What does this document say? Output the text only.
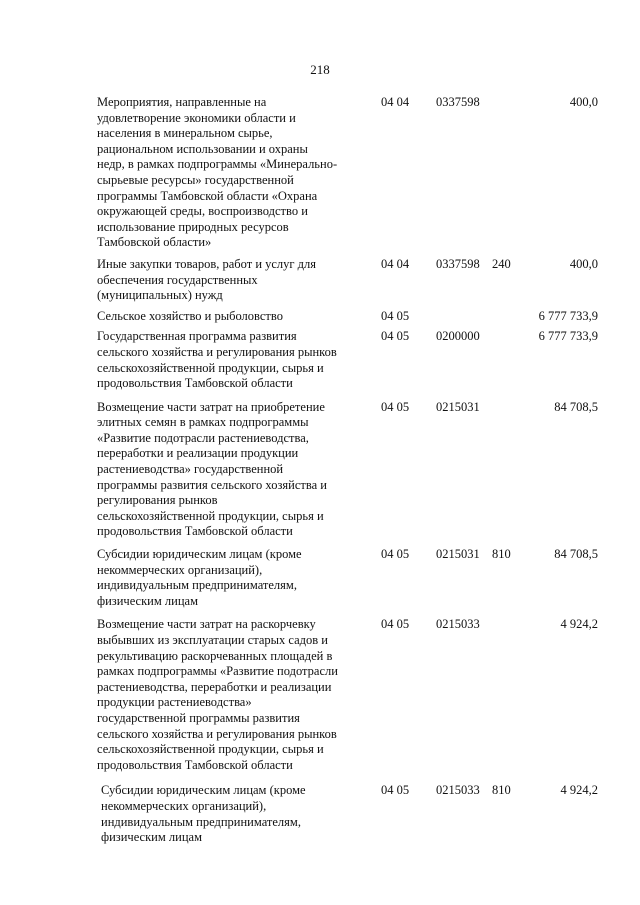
218
Мероприятия, направленные на
удовлетворение экономики области и
населения в минеральном сырье,
рациональном использовании и охраны
недр, в рамках подпрограммы «Минерально-
сырьевые ресурсы» государственной
программы Тамбовской области «Охрана
окружающей среды, воспроизводство и
использование природных ресурсов
Тамбовской области»
04 04 0337598	400,0
Иные закупки товаров, работ и услуг для
обеспечения государственных
(муниципальных) нужд
04 04 0337598 240	400,0
Сельское хозяйство и рыболовство	04 05	6 777 733,9
Государственная программа развития
сельского хозяйства и регулирования рынков
сельскохозяйственной продукции, сырья и
продовольствия Тамбовской области
04 05 0200000	6 777 733,9
Возмещение части затрат на приобретение
элитных семян в рамках подпрограммы
«Развитие подотрасли растениеводства,
переработки и реализации продукции
растениеводства» государственной
программы развития сельского хозяйства и
регулирования рынков
сельскохозяйственной продукции, сырья и
продовольствия Тамбовской области
04 05 0215031	84 708,5
Субсидии юридическим лицам (кроме
некоммерческих организаций),
индивидуальным предпринимателям,
физическим лицам
04 05 0215031 810	84 708,5
Возмещение части затрат на раскорчевку
выбывших из эксплуатации старых садов и
рекультивацию раскорчеванных площадей в
рамках подпрограммы «Развитие подотрасли
растениеводства, переработки и реализации
продукции растениеводства»
государственной программы развития
сельского хозяйства и регулирования рынков
сельскохозяйственной продукции, сырья и
продовольствия Тамбовской области
04 05 0215033	4 924,2
Субсидии юридическим лицам (кроме
некоммерческих организаций),
индивидуальным предпринимателям,
физическим лицам
04 05 0215033 810	4 924,2
